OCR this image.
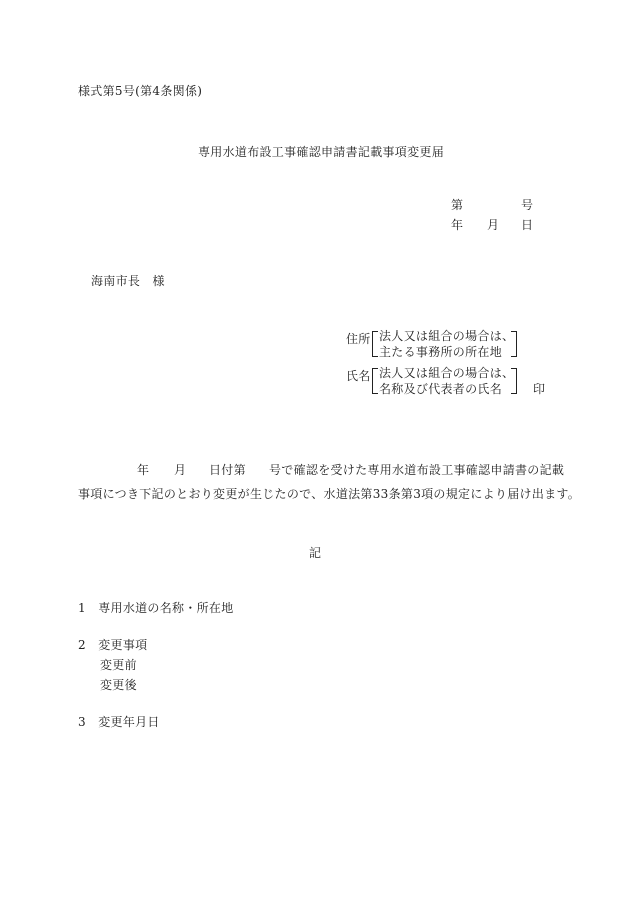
様式第5号(第4条関係)
専用水道布設工事確認申請書記載事項変更届
第	号
年 月 日
海南市長　様
住所 法人又は組合の場合は、
主たる事務所の所在地
氏名 法人又は組合の場合は、
名称及び代表者の氏名	印
年 月 日付第 号で確認を受けた専用水道布設工事確認申請書の記載
事項につき下記のとおり変更が生じたので、水道法第33条第3項の規定により届け出ます。
記
1　専用水道の名称・所在地
2　変更事項
変更前
変更後
3　変更年月日
